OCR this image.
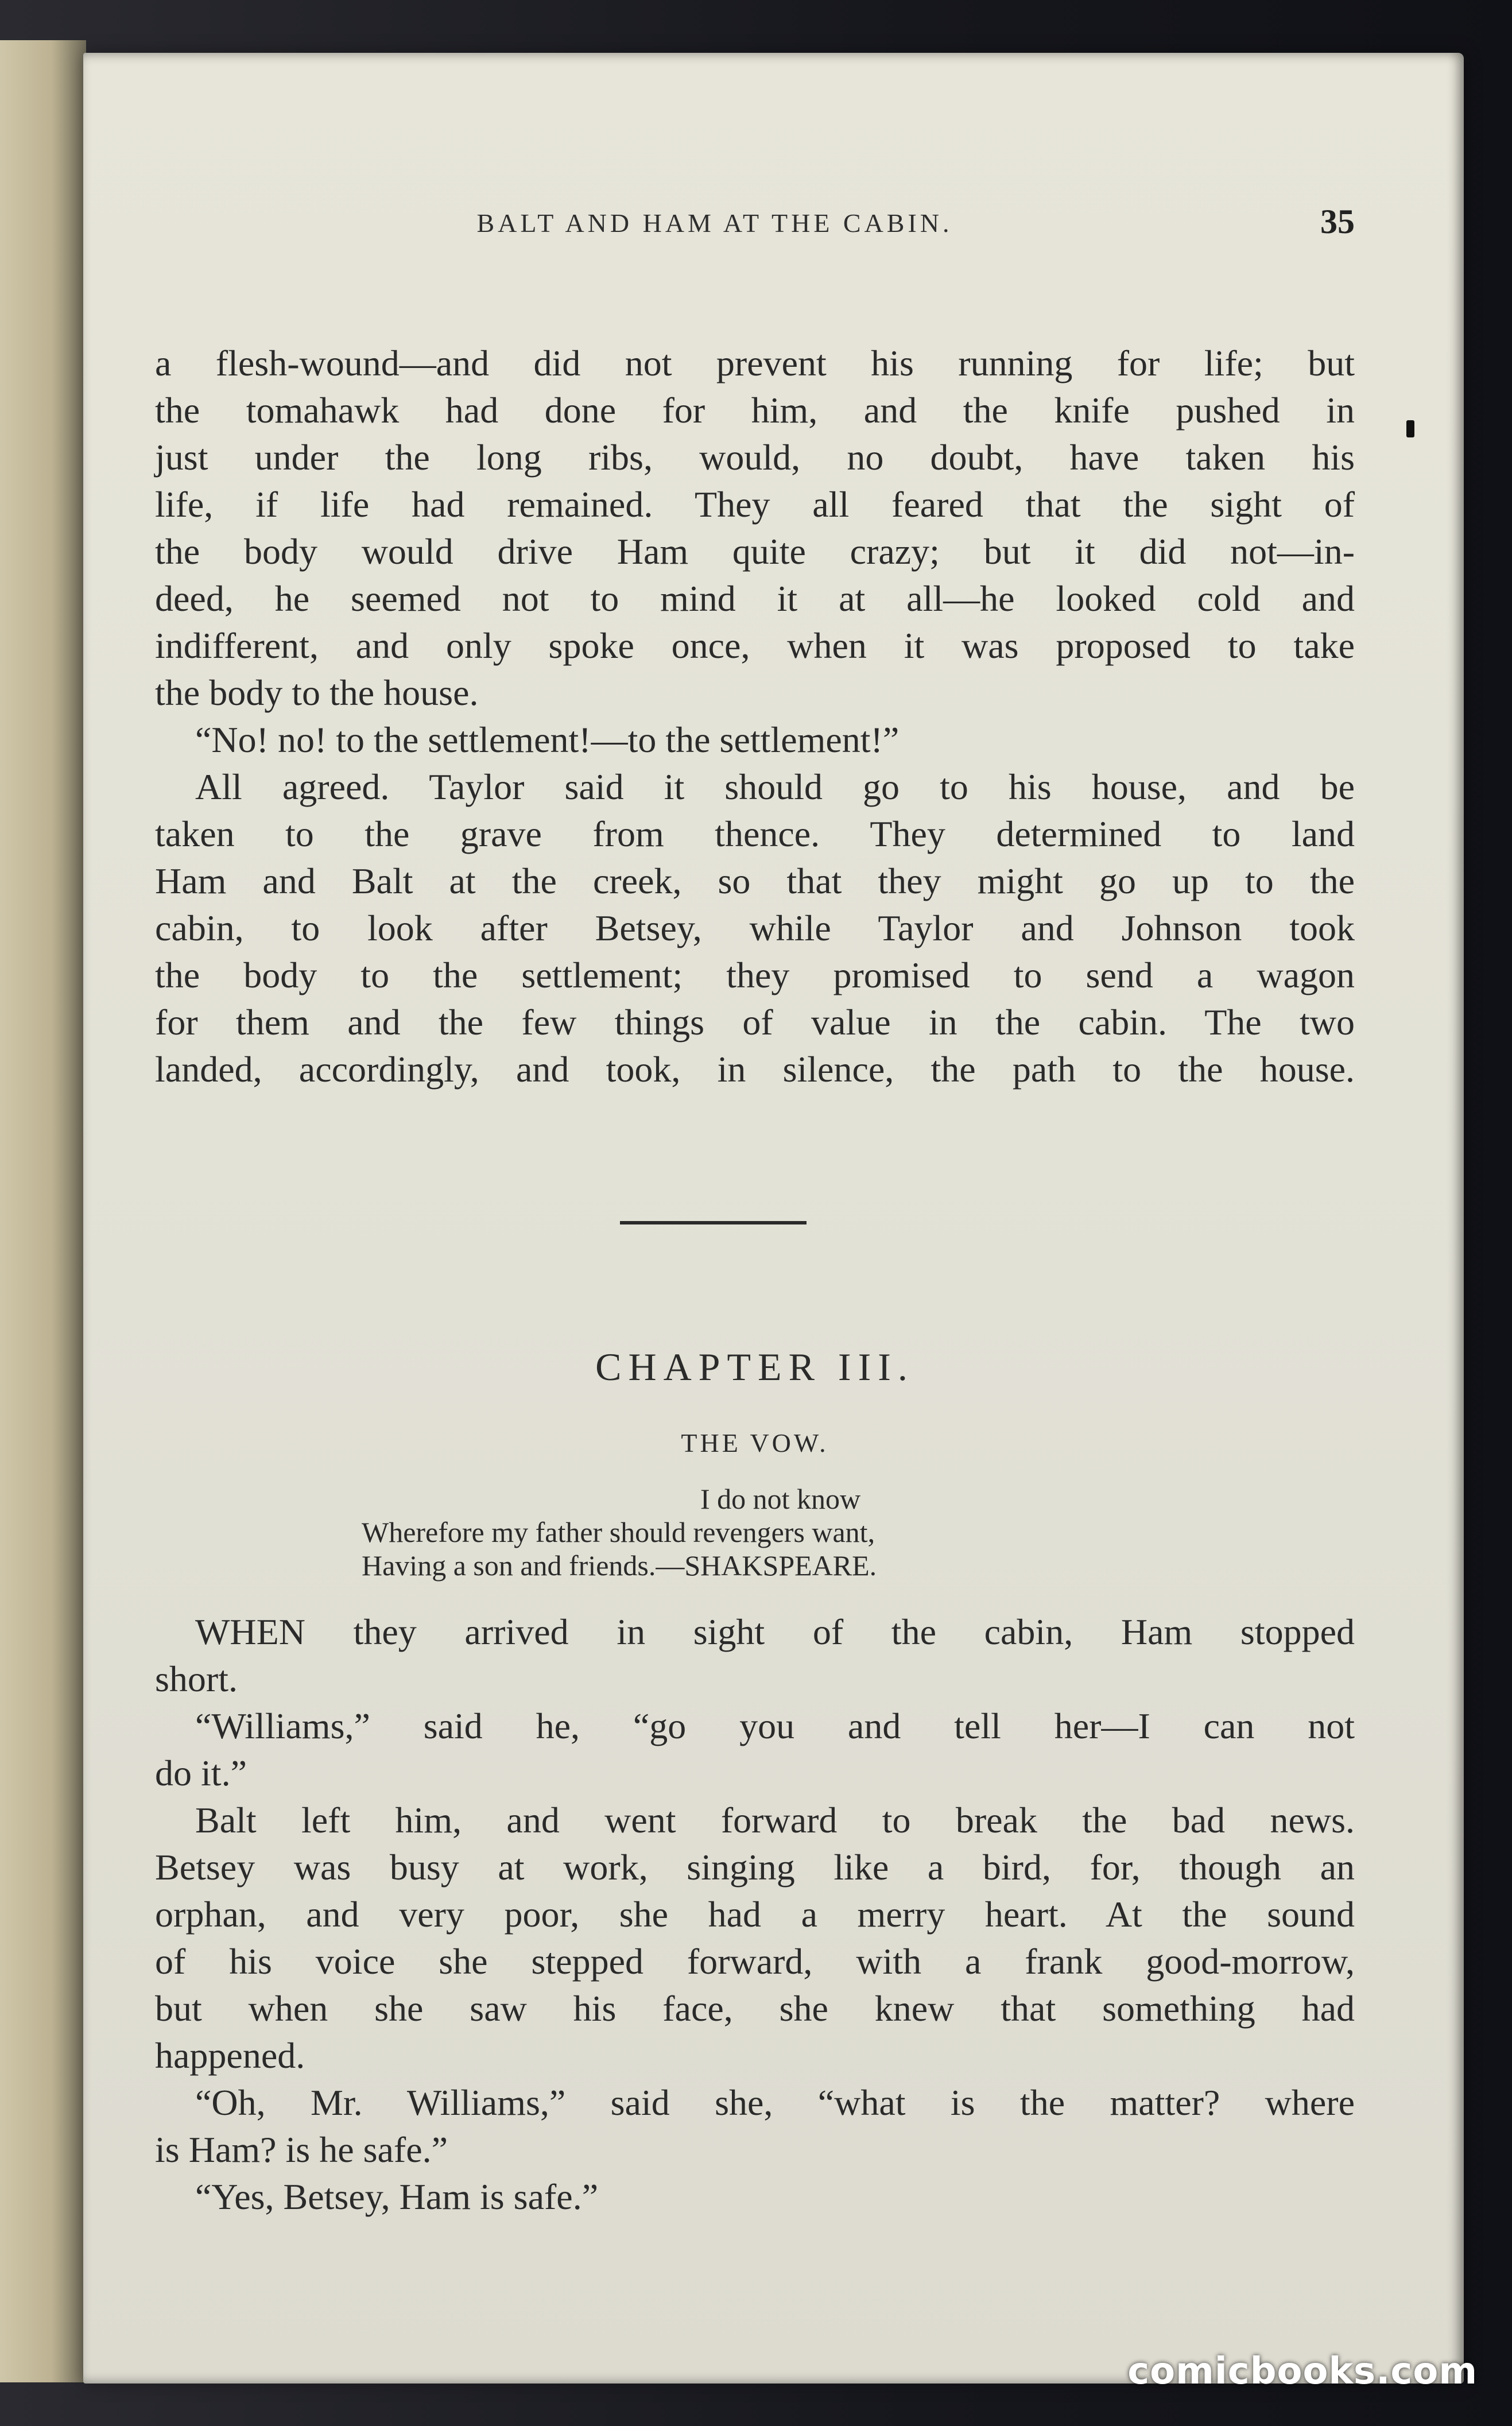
BALT AND HAM AT THE CABIN.	35
a flesh-wound—and did not prevent his running for life; but
the tomahawk had done for him, and the knife pushed in
just under the long ribs, would, no doubt, have taken his
life, if life had remained. They all feared that the sight of
the body would drive Ham quite crazy; but it did not—in-
deed, he seemed not to mind it at all—he looked cold and
indifferent, and only spoke once, when it was proposed to take
the body to the house.
“No! no! to the settlement!—to the settlement!”
All agreed. Taylor said it should go to his house, and be
taken to the grave from thence. They determined to land
Ham and Balt at the creek, so that they might go up to the
cabin, to look after Betsey, while Taylor and Johnson took
the body to the settlement; they promised to send a wagon
for them and the few things of value in the cabin. The two
landed, accordingly, and took, in silence, the path to the house.
CHAPTER III.
THE VOW.
I do not know
Wherefore my father should revengers want,
Having a son and friends.—SHAKSPEARE.
WHEN they arrived in sight of the cabin, Ham stopped
short.
“Williams,” said he, “go you and tell her—I can not
do it.”
Balt left him, and went forward to break the bad news.
Betsey was busy at work, singing like a bird, for, though an
orphan, and very poor, she had a merry heart. At the sound
of his voice she stepped forward, with a frank good-morrow,
but when she saw his face, she knew that something had
happened.
“Oh, Mr. Williams,” said she, “what is the matter? where
is Ham? is he safe.”
“Yes, Betsey, Ham is safe.”
comicbooks.com
